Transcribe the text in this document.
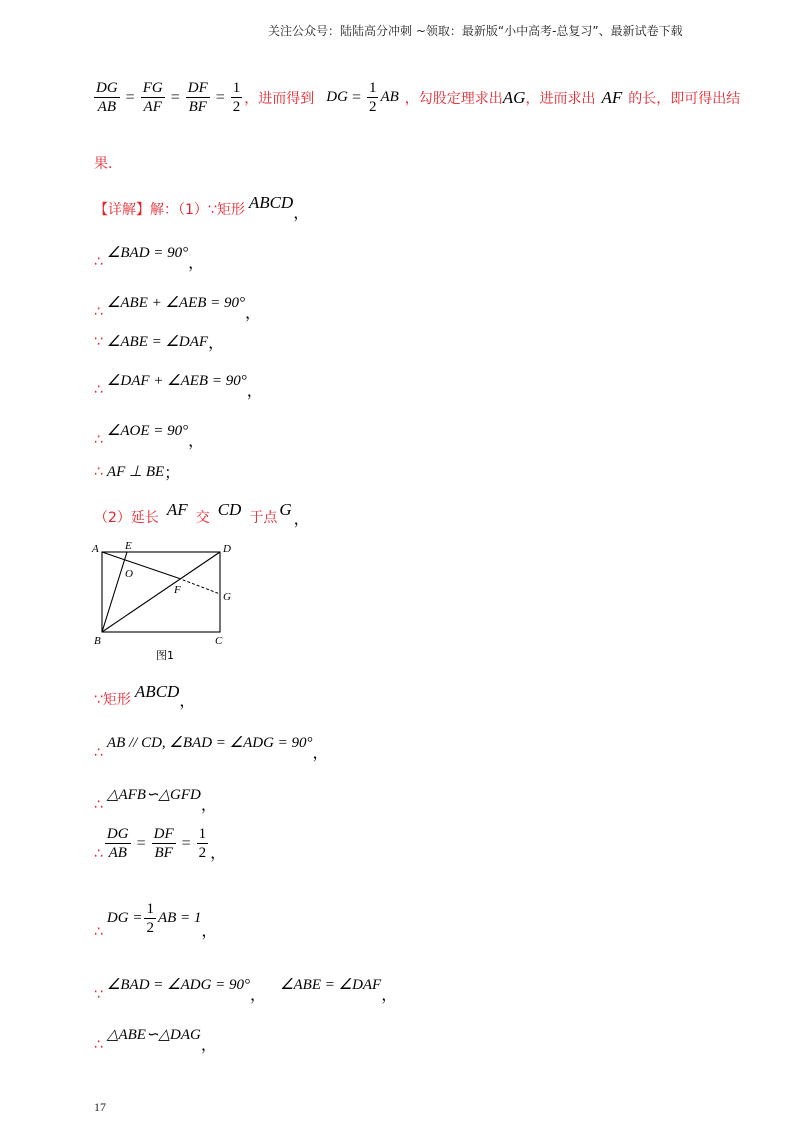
关注公众号：陆陆高分冲刺 ~领取：最新版“小中高考-总复习”、最新试卷下载
$\frac{DG}{AB} = \frac{FG}{AF} = \frac{DF}{BF} = \frac{1}{2}$ ，进而得到 DG = $\frac{1}{2}$ AB ，勾股定理求出 AG ，进而求出 AF 的长，即可得出结
果.
【详解】解：（1）∵矩形 ABCD
，
∴
∠BAD = 90°
，
∴
∠ABE + ∠AEB = 90°
，
∵ ∠ABE = ∠DAF ，
∴
∠DAF + ∠AEB = 90°
，
∴
∠AOE = 90°
，
∴ AF ⊥ BE ；
（2）延长 AF 交 CD 于点 G
，
A E	D
O
F
G
B	C
图1
∵矩形 ABCD
，
∴
AB // CD, ∠BAD = ∠ADG = 90°
，
∴
△AFB∽△GFD
，
∴ $\frac{DG}{AB} = \frac{DF}{BF} = \frac{1}{2}$ ，
∴
DG = $\frac{1}{2}$ AB = 1
，
∵
∠BAD = ∠ADG = 90°
，
∠ABE = ∠DAF
，
∴
△ABE∽△DAG
，
17
